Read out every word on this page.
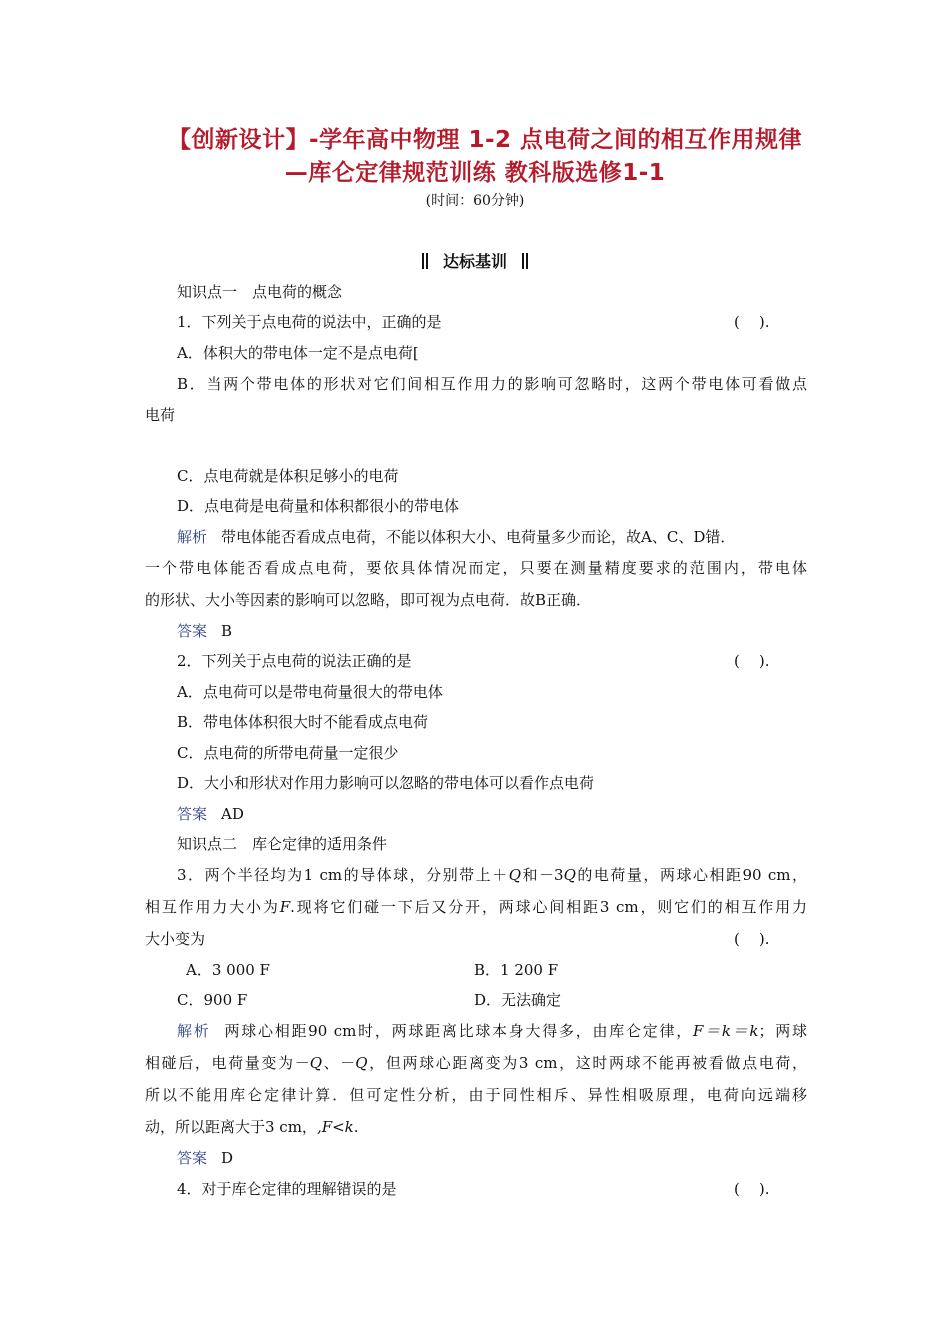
【创新设计】-学年高中物理 1-2 点电荷之间的相互作用规律
—库仑定律规范训练 教科版选修1-1
(时间：60分钟)
达标基训
知识点一　点电荷的概念
1．下列关于点电荷的说法中，正确的是	(    ).
A．体积大的带电体一定不是点电荷[
B．当两个带电体的形状对它们间相互作用力的影响可忽略时，这两个带电体可看做点
电荷
C．点电荷就是体积足够小的电荷
D．点电荷是电荷量和体积都很小的带电体
解析 带电体能否看成点电荷，不能以体积大小、电荷量多少而论，故A、C、D错．
一个带电体能否看成点电荷，要依具体情况而定，只要在测量精度要求的范围内，带电体
的形状、大小等因素的影响可以忽略，即可视为点电荷．故B正确．
答案 B
2．下列关于点电荷的说法正确的是	(    ).
A．点电荷可以是带电荷量很大的带电体
B．带电体体积很大时不能看成点电荷
C．点电荷的所带电荷量一定很少
D．大小和形状对作用力影响可以忽略的带电体可以看作点电荷
答案 AD
知识点二　库仑定律的适用条件
3．两个半径均为1 cm的导体球，分别带上＋Q和－3Q的电荷量，两球心相距90 cm，
相互作用力大小为F.现将它们碰一下后又分开，两球心间相距3 cm，则它们的相互作用力
大小变为	(    ).
A．3 000 F	B．1 200 F
C．900 F	D．无法确定
解析 两球心相距90 cm时，两球距离比球本身大得多，由库仑定律，F＝k＝k；两球
相碰后，电荷量变为－Q、－Q，但两球心距离变为3 cm，这时两球不能再被看做点电荷，
所以不能用库仑定律计算．但可定性分析，由于同性相斥、异性相吸原理，电荷向远端移
动，所以距离大于3 cm，,F<k.
答案 D
4．对于库仑定律的理解错误的是	(    ).
